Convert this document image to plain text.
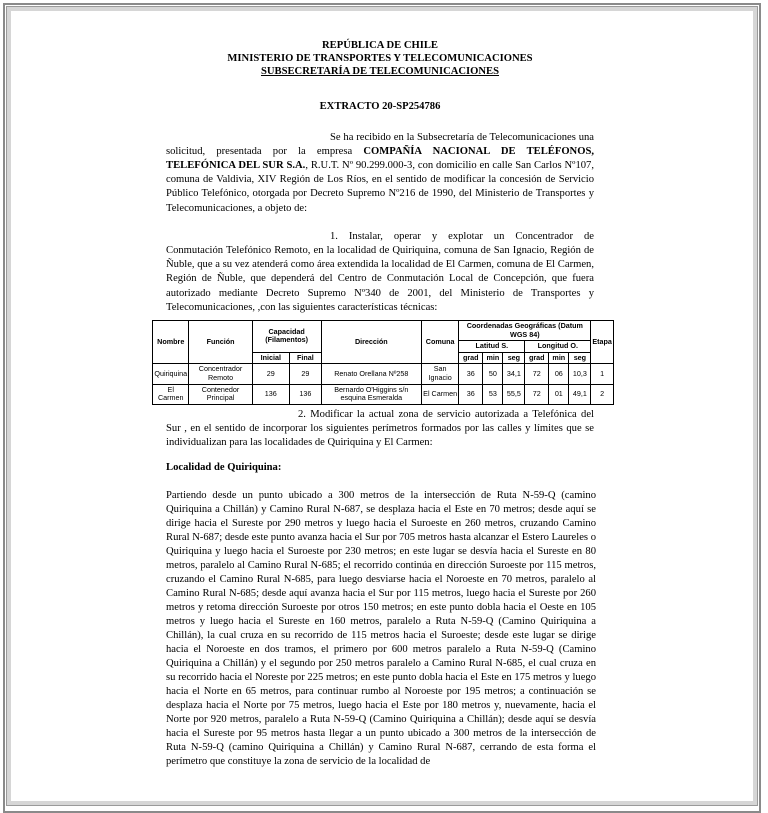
REPÚBLICA DE CHILE
MINISTERIO DE TRANSPORTES Y TELECOMUNICACIONES
SUBSECRETARÍA DE TELECOMUNICACIONES
EXTRACTO 20-SP254786

Se ha recibido en la Subsecretaría de Telecomunicaciones una solicitud, presentada por la empresa COMPAÑÍA NACIONAL DE TELÉFONOS, TELEFÓNICA DEL SUR S.A., R.U.T. Nº 90.299.000-3, con domicilio en calle San Carlos Nº107, comuna de Valdivia, XIV Región de Los Ríos, en el sentido de modificar la concesión de Servicio Público Telefónico, otorgada por Decreto Supremo Nº216 de 1990, del Ministerio de Transportes y Telecomunicaciones, a objeto de:

1. Instalar, operar y explotar un Concentrador de Conmutación Telefónico Remoto, en la localidad de Quiriquina, comuna de San Ignacio, Región de Ñuble, que a su vez atenderá como área extendida la localidad de El Carmen, comuna de El Carmen, Región de Ñuble, que dependerá del Centro de Conmutación Local de Concepción, que fuera autorizado mediante Decreto Supremo Nº340 de 2001, del Ministerio de Transportes y Telecomunicaciones, ,con las siguientes características técnicas:

Nombre	Función	Capacidad (Filamentos)		Dirección	Comuna	Coordenadas Geográficas (Datum WGS 84)						Etapa
						Latitud S.			Longitud O.			
		Inicial	Final			grad	min	seg	grad	min	seg	
Quiriquina	Concentrador Remoto	29	29	Renato Orellana Nº258	San Ignacio	36	50	34,1	72	06	10,3	1
El Carmen	Contenedor Principal	136	136	Bernardo O'Higgins s/n esquina Esmeralda	El Carmen	36	53	55,5	72	01	49,1	2

2. Modificar la actual zona de servicio autorizada a Telefónica del Sur , en el sentido de incorporar los siguientes perímetros formados por las calles y límites que se individualizan para las localidades de Quiriquina y El Carmen:

Localidad de Quiriquina:
Partiendo desde un punto ubicado a 300 metros de la intersección de Ruta N-59-Q (camino Quiriquina a Chillán) y Camino Rural N-687, se desplaza hacia el Este en 70 metros; desde aquí se dirige hacia el Sureste por 290 metros y luego hacia el Suroeste en 260 metros, cruzando Camino Rural N-687; desde este punto avanza hacia el Sur por 705 metros hasta alcanzar el Estero Laureles o Quiriquina y luego hacia el Suroeste por 230 metros; en este lugar se desvía hacia el Sureste en 80 metros, paralelo al Camino Rural N-685; el recorrido continúa en dirección Suroeste por 115 metros, cruzando el Camino Rural N-685, para luego desviarse hacia el Noroeste en 70 metros, paralelo al Camino Rural N-685; desde aquí avanza hacia el Sur por 115 metros, luego hacia el Sureste por 260 metros y retoma dirección Suroeste por otros 150 metros; en este punto dobla hacia el Oeste en 105 metros y luego hacia el Sureste en 160 metros, paralelo a Ruta N-59-Q (Camino Quiriquina a Chillán), la cual cruza en su recorrido de 115 metros hacia el Suroeste; desde este lugar se dirige hacia el Noroeste en dos tramos, el primero por 600 metros paralelo a Ruta N-59-Q (Camino Quiriquina a Chillán) y el segundo por 250 metros paralelo a Camino Rural N-685, el cual cruza en su recorrido hacia el Noreste por 225 metros; en este punto dobla hacia el Este en 175 metros y luego hacia el Norte en 65 metros, para continuar rumbo al Noroeste por 195 metros; a continuación se desplaza hacia el Norte por 75 metros, luego hacia el Este por 180 metros y, nuevamente, hacia el Norte por 920 metros, paralelo a Ruta N-59-Q (Camino Quiriquina a Chillán); desde aquí se desvía hacia el Sureste por 95 metros hasta llegar a un punto ubicado a 300 metros de la intersección de Ruta N-59-Q (camino Quiriquina a Chillán) y Camino Rural N-687, cerrando de esta forma el perímetro que constituye la zona de servicio de la localidad de
